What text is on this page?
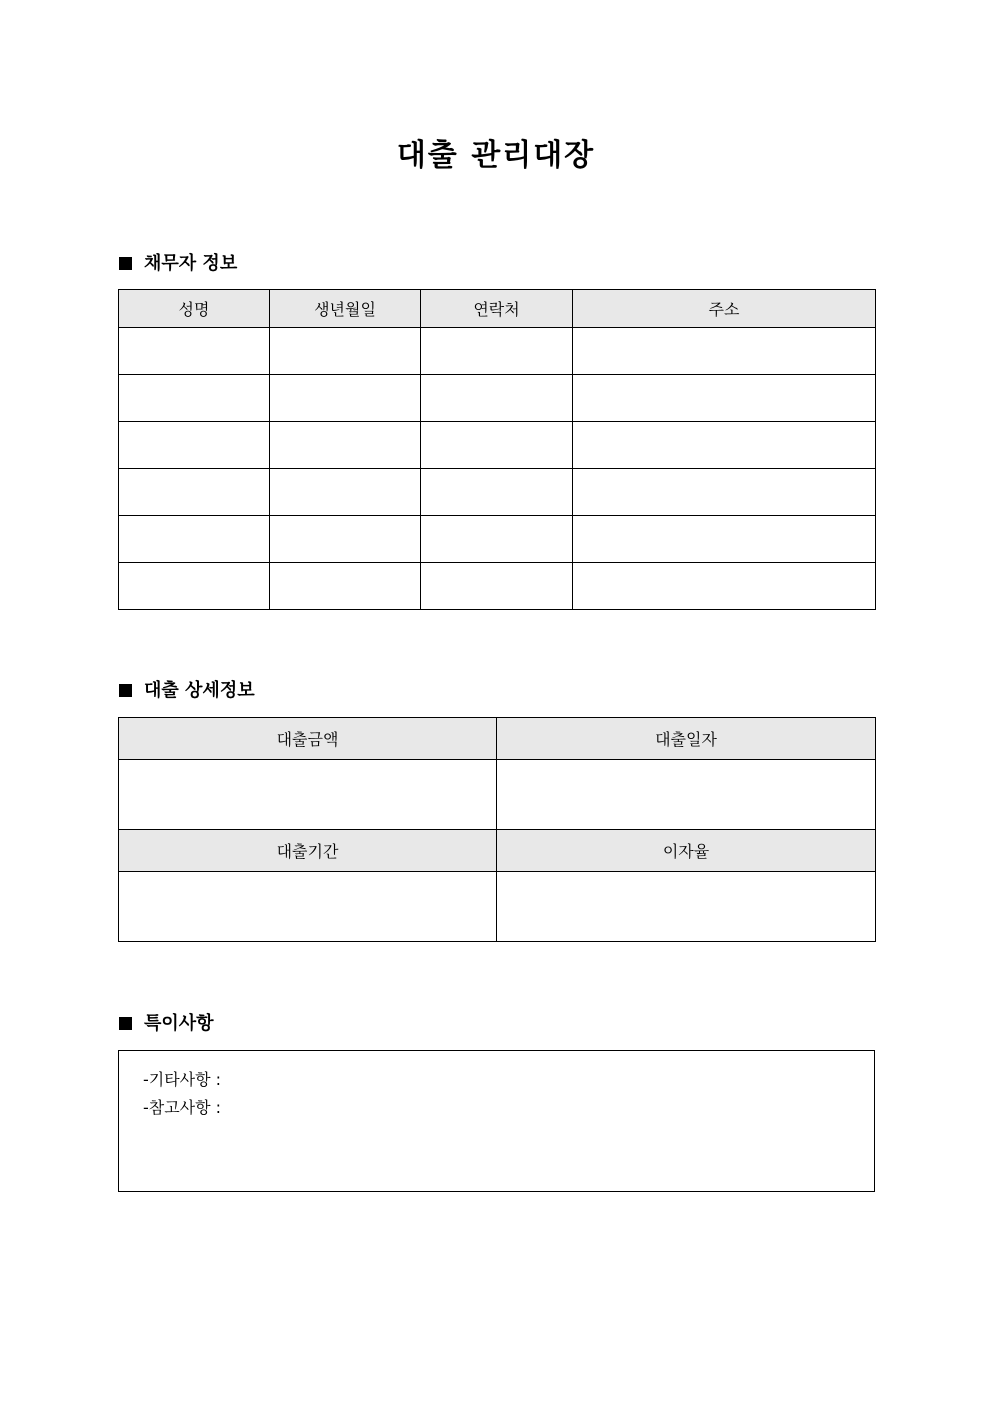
대출 관리대장
채무자 정보
성명	생년월일	연락처	주소

대출 상세정보
대출금액	대출일자

대출기간	이자율

특이사항
-기타사항 :
-참고사항 :
